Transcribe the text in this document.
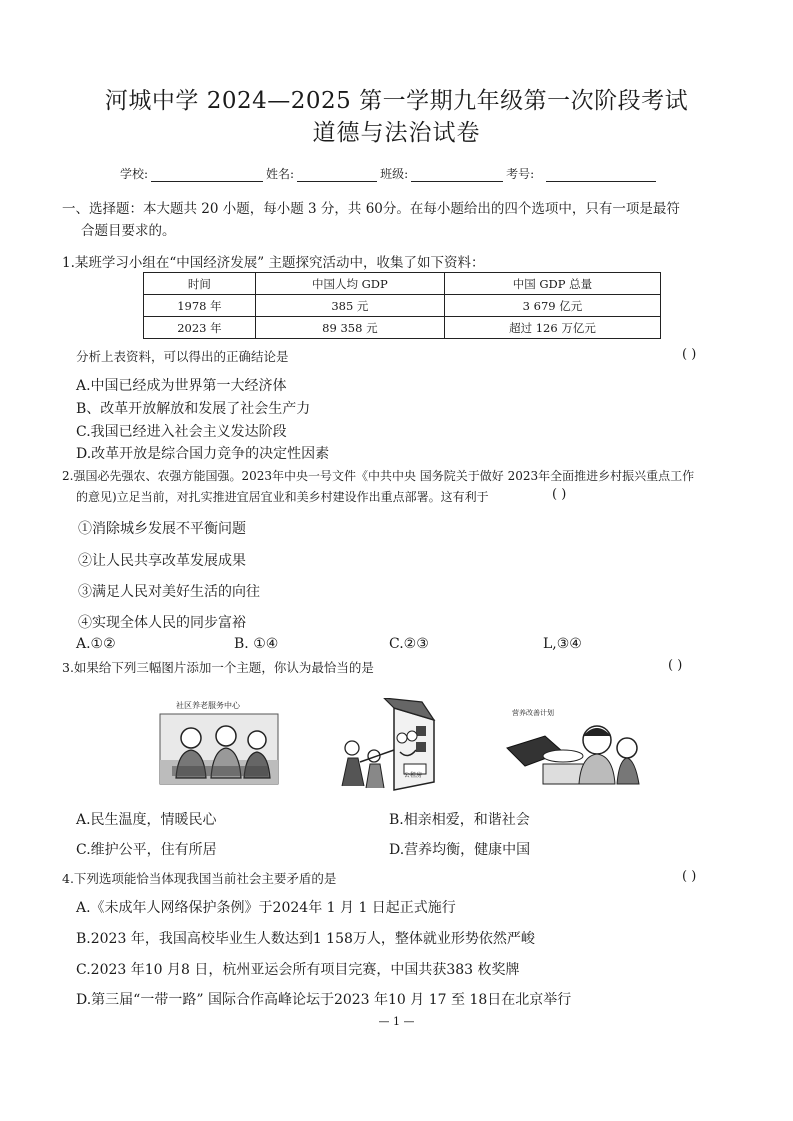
河城中学 2024—2025 第一学期九年级第一次阶段考试
道德与法治试卷
学校:	姓名:	班级:	考号:
一、选择题：本大题共 20 小题，每小题 3 分，共 60分。在每小题给出的四个选项中，只有一项是最符
合题目要求的。
1.某班学习小组在“中国经济发展” 主题探究活动中，收集了如下资料：
时间	中国人均 GDP	中国 GDP 总量
1978 年	385 元	3 679 亿元
2023 年	89 358 元	超过 126 万亿元
分析上表资料，可以得出的正确结论是	( )
A.中国已经成为世界第一大经济体
B、改革开放解放和发展了社会生产力
C.我国已经进入社会主义发达阶段
D.改革开放是综合国力竞争的决定性因素
2.强国必先强农、农强方能国强。2023年中央一号文件《中共中央 国务院关于做好 2023年全面推进乡村振兴重点工作
的意见)立足当前，对扎实推进宜居宜业和美乡村建设作出重点部署。这有利于	( )
①消除城乡发展不平衡问题
②让人民共享改革发展成果
③满足人民对美好生活的向往
④实现全体人民的同步富裕
A.①②	B. ①④	C.②③	L,③④
3.如果给下列三幅图片添加一个主题，你认为最恰当的是	( )
社区养老服务中心
公租房
营养改善计划
A.民生温度，情暖民心	B.相亲相爱，和谐社会
C.维护公平，住有所居	D.营养均衡，健康中国
4.下列选项能恰当体现我国当前社会主要矛盾的是	( )
A.《未成年人网络保护条例》于2024年 1 月 1 日起正式施行
B.2023 年，我国高校毕业生人数达到1 158万人，整体就业形势依然严峻
C.2023 年10 月8 日，杭州亚运会所有项目完赛，中国共获383 枚奖牌
D.第三届“一带一路” 国际合作高峰论坛于2023 年10 月 17 至 18日在北京举行
— 1 —
